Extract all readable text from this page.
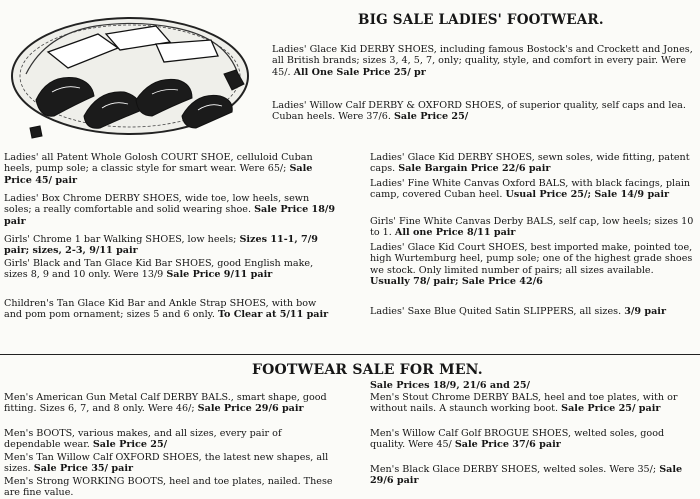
BIG SALE LADIES' FOOTWEAR.

Ladies' Glace Kid DERBY SHOES, including famous Bostock's and Crockett and Jones, all British brands; sizes 3, 4, 5, 7, only; quality, style, and comfort in every pair. Were 45/. All One Sale Price 25/ pr

Ladies' Willow Calf DERBY & OXFORD SHOES, of superior quality, self caps and lea. Cuban heels. Were 37/6. Sale Price 25/

Ladies' all Patent Whole Golosh COURT SHOE, celluloid Cuban heels, pump sole; a classic style for smart wear. Were 65/; Sale Price 45/ pair

Ladies' Box Chrome DERBY SHOES, wide toe, low heels, sewn soles; a really comfortable and solid wearing shoe. Sale Price 18/9 pair

Girls' Chrome 1 bar Walking SHOES, low heels; Sizes 11-1, 7/9 pair; sizes, 2-3, 9/11 pair

Girls' Black and Tan Glace Kid Bar SHOES, good English make, sizes 8, 9 and 10 only. Were 13/9 Sale Price 9/11 pair

Children's Tan Glace Kid Bar and Ankle Strap SHOES, with bow and pom pom ornament; sizes 5 and 6 only. To Clear at 5/11 pair

Ladies' Glace Kid DERBY SHOES, sewn soles, wide fitting, patent caps. Sale Bargain Price 22/6 pair

Ladies' Fine White Canvas Oxford BALS, with black facings, plain camp, covered Cuban heel. Usual Price 25/; Sale 14/9 pair

Girls' Fine White Canvas Derby BALS, self cap, low heels; sizes 10 to 1. All one Price 8/11 pair

Ladies' Glace Kid Court SHOES, best imported make, pointed toe, high Wurtemburg heel, pump sole; one of the highest grade shoes we stock. Only limited number of pairs; all sizes available. Usually 78/ pair; Sale Price 42/6

Ladies' Saxe Blue Quited Satin SLIPPERS, all sizes. 3/9 pair

FOOTWEAR SALE FOR MEN.

Men's American Gun Metal Calf DERBY BALS., smart shape, good fitting. Sizes 6, 7, and 8 only. Were 46/; Sale Price 29/6 pair

Men's BOOTS, various makes, and all sizes, every pair of dependable wear. Sale Price 25/

Men's Tan Willow Calf OXFORD SHOES, the latest new shapes, all sizes. Sale Price 35/ pair

Men's Strong WORKING BOOTS, heel and toe plates, nailed. These are fine value.

Sale Prices 18/9, 21/6 and 25/

Men's Stout Chrome DERBY BALS, heel and toe plates, with or without nails. A staunch working boot. Sale Price 25/ pair

Men's Willow Calf Golf BROGUE SHOES, welted soles, good quality. Were 45/ Sale Price 37/6 pair

Men's Black Glace DERBY SHOES, welted soles. Were 35/; Sale 29/6 pair
